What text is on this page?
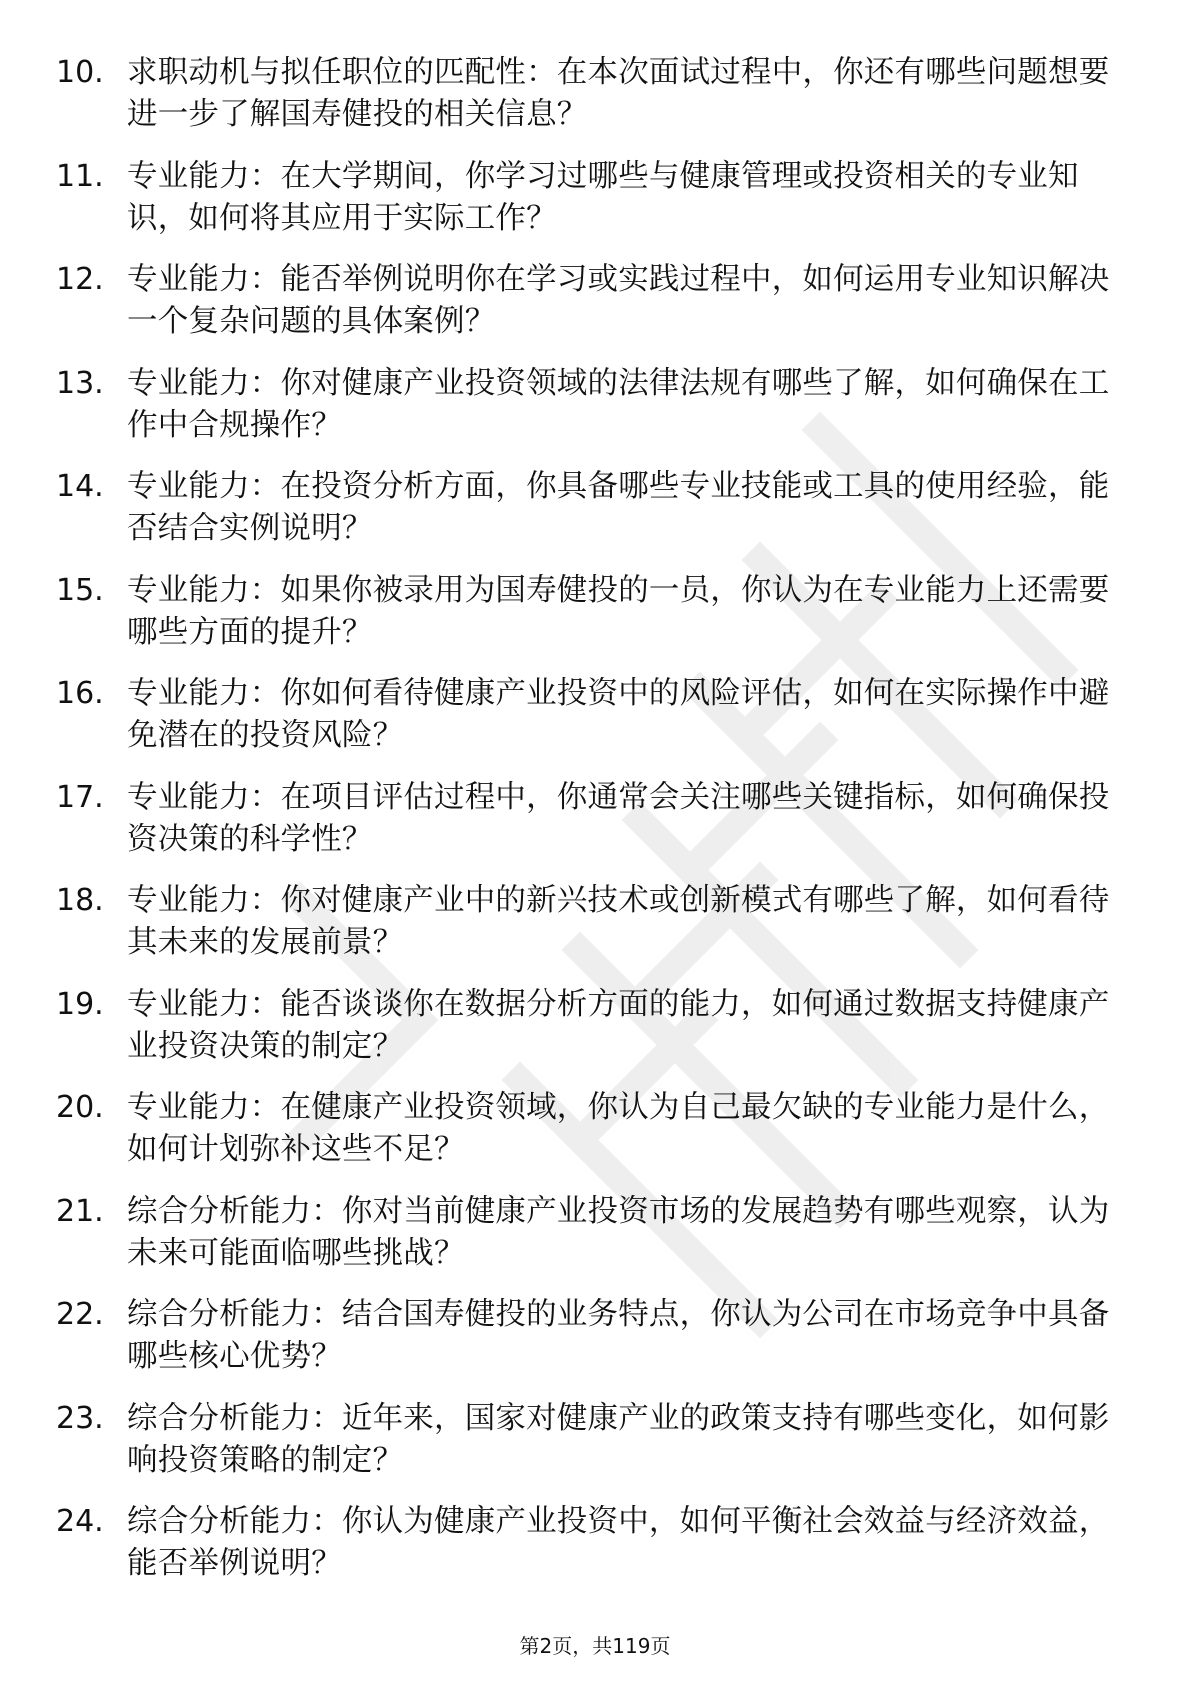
10. 求职动机与拟任职位的匹配性：在本次面试过程中，你还有哪些问题想要进一步了解国寿健投的相关信息？
11. 专业能力：在大学期间，你学习过哪些与健康管理或投资相关的专业知识，如何将其应用于实际工作？
12. 专业能力：能否举例说明你在学习或实践过程中，如何运用专业知识解决一个复杂问题的具体案例？
13. 专业能力：你对健康产业投资领域的法律法规有哪些了解，如何确保在工作中合规操作？
14. 专业能力：在投资分析方面，你具备哪些专业技能或工具的使用经验，能否结合实例说明？
15. 专业能力：如果你被录用为国寿健投的一员，你认为在专业能力上还需要哪些方面的提升？
16. 专业能力：你如何看待健康产业投资中的风险评估，如何在实际操作中避免潜在的投资风险？
17. 专业能力：在项目评估过程中，你通常会关注哪些关键指标，如何确保投资决策的科学性？
18. 专业能力：你对健康产业中的新兴技术或创新模式有哪些了解，如何看待其未来的发展前景？
19. 专业能力：能否谈谈你在数据分析方面的能力，如何通过数据支持健康产业投资决策的制定？
20. 专业能力：在健康产业投资领域，你认为自己最欠缺的专业能力是什么，如何计划弥补这些不足？
21. 综合分析能力：你对当前健康产业投资市场的发展趋势有哪些观察，认为未来可能面临哪些挑战？
22. 综合分析能力：结合国寿健投的业务特点，你认为公司在市场竞争中具备哪些核心优势？
23. 综合分析能力：近年来，国家对健康产业的政策支持有哪些变化，如何影响投资策略的制定？
24. 综合分析能力：你认为健康产业投资中，如何平衡社会效益与经济效益，能否举例说明？
第2页，共119页
